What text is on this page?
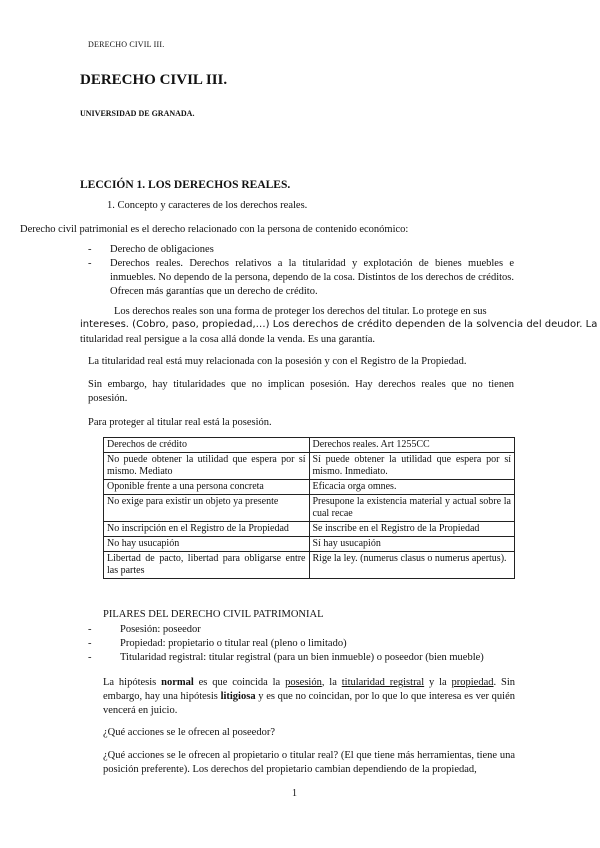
DERECHO CIVIL III.
DERECHO CIVIL III.
UNIVERSIDAD DE GRANADA.
LECCIÓN 1. LOS DERECHOS REALES.
1. Concepto y caracteres de los derechos reales.
Derecho civil patrimonial es el derecho relacionado con la persona de contenido económico:
- Derecho de obligaciones
- Derechos reales. Derechos relativos a la titularidad y explotación de bienes muebles e inmuebles. No dependo de la persona, dependo de la cosa. Distintos de los derechos de créditos. Ofrecen más garantías que un derecho de crédito.
Los derechos reales son una forma de proteger los derechos del titular. Lo protege en sus
intereses. (Cobro, paso, propiedad,…) Los derechos de crédito dependen de la solvencia del deudor. La
titularidad real persigue a la cosa allá donde la venda. Es una garantía.
La titularidad real está muy relacionada con la posesión y con el Registro de la Propiedad.
Sin embargo, hay titularidades que no implican posesión. Hay derechos reales que no tienen posesión.
Para proteger al titular real está la posesión.
Derechos de crédito	Derechos reales. Art 1255CC
No puede obtener la utilidad que espera por sí mismo. Mediato	Sí puede obtener la utilidad que espera por sí mismo. Inmediato.
Oponible frente a una persona concreta	Eficacia orga omnes.
No exige para existir un objeto ya presente	Presupone la existencia material y actual sobre la cual recae
No inscripción en el Registro de la Propiedad	Se inscribe en el Registro de la Propiedad
No hay usucapión	Sí hay usucapión
Libertad de pacto, libertad para obligarse entre las partes	Rige la ley. (numerus clasus o numerus apertus).
PILARES DEL DERECHO CIVIL PATRIMONIAL
- Posesión: poseedor
- Propiedad: propietario o titular real (pleno o limitado)
- Titularidad registral: titular registral (para un bien inmueble) o poseedor (bien mueble)
La hipótesis normal es que coincida la posesión, la titularidad registral y la propiedad. Sin embargo, hay una hipótesis litigiosa y es que no coincidan, por lo que lo que interesa es ver quién vencerá en juicio.
¿Qué acciones se le ofrecen al poseedor?
¿Qué acciones se le ofrecen al propietario o titular real? (El que tiene más herramientas, tiene una posición preferente). Los derechos del propietario cambian dependiendo de la propiedad,
1
